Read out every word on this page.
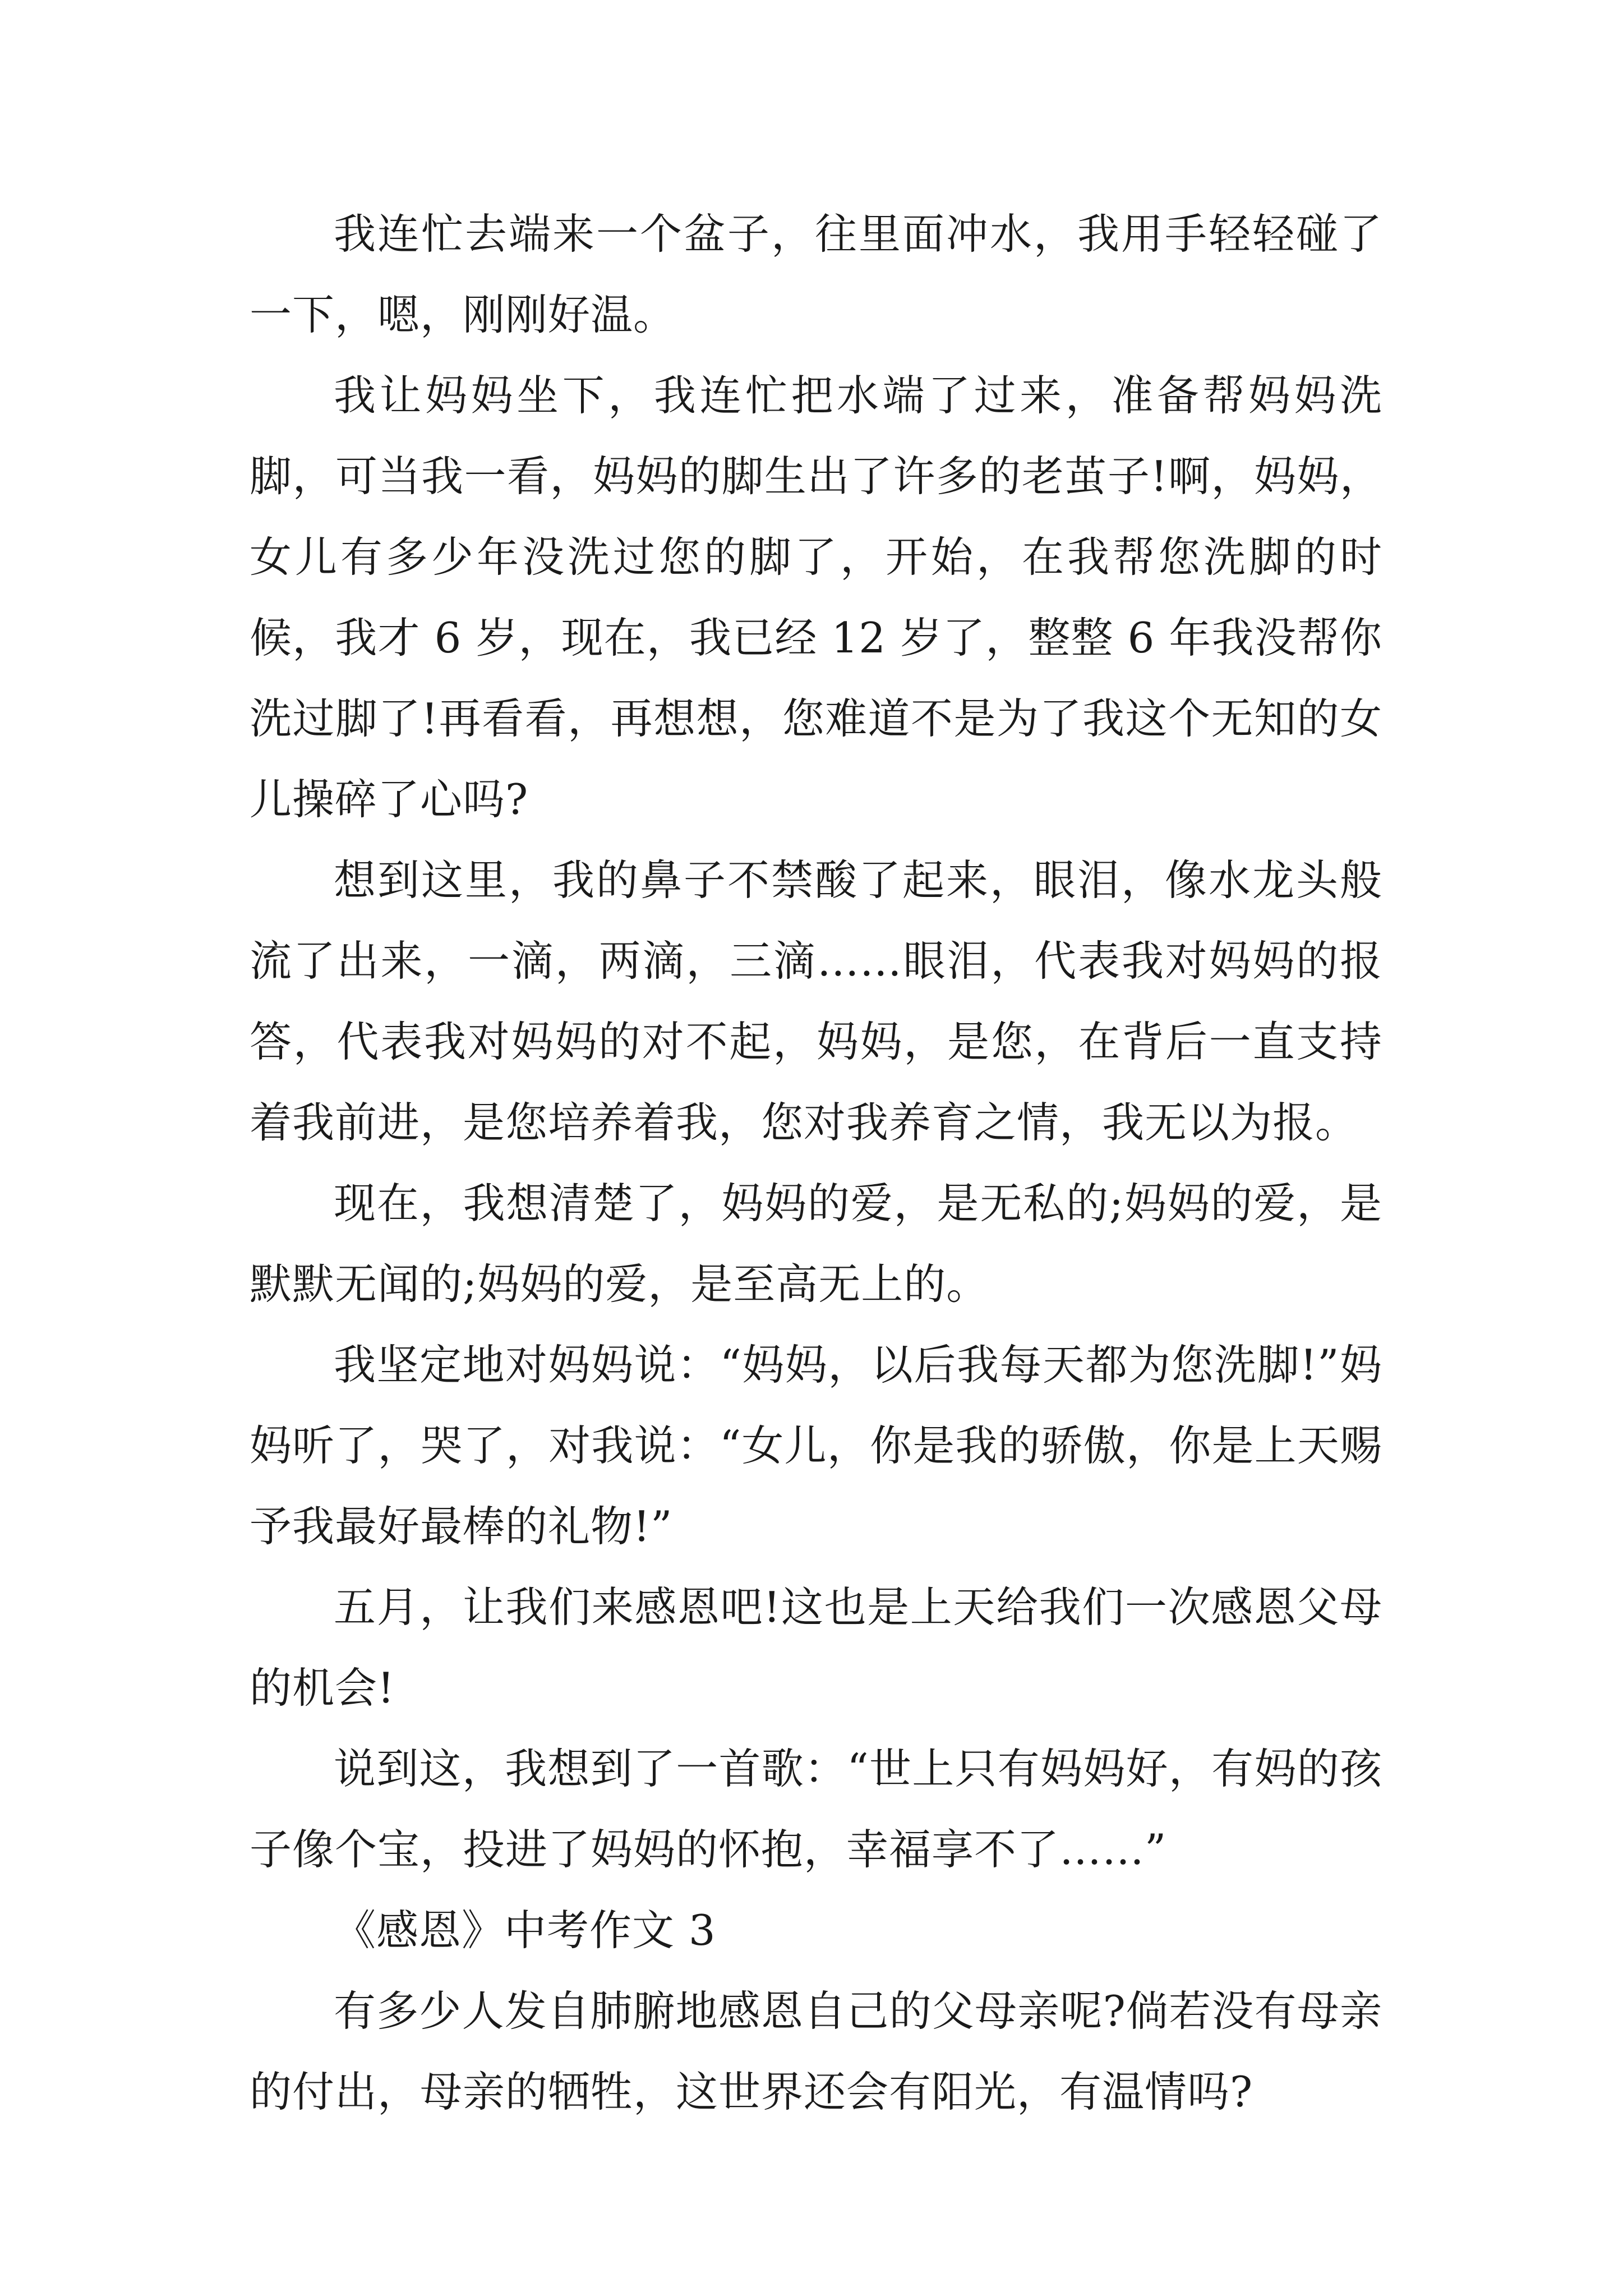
我连忙去端来一个盆子，往里面冲水，我用手轻轻碰了一下，嗯，刚刚好温。

我让妈妈坐下，我连忙把水端了过来，准备帮妈妈洗脚，可当我一看，妈妈的脚生出了许多的老茧子!啊，妈妈，女儿有多少年没洗过您的脚了，开始，在我帮您洗脚的时候，我才 6 岁，现在，我已经 12 岁了，整整 6 年我没帮你洗过脚了!再看看，再想想，您难道不是为了我这个无知的女儿操碎了心吗?

想到这里，我的鼻子不禁酸了起来，眼泪，像水龙头般流了出来，一滴，两滴，三滴……眼泪，代表我对妈妈的报答，代表我对妈妈的对不起，妈妈，是您，在背后一直支持着我前进，是您培养着我，您对我养育之情，我无以为报。

现在，我想清楚了，妈妈的爱，是无私的;妈妈的爱，是默默无闻的;妈妈的爱，是至高无上的。

我坚定地对妈妈说：“妈妈，以后我每天都为您洗脚!”妈妈听了，哭了，对我说：“女儿，你是我的骄傲，你是上天赐予我最好最棒的礼物!”

五月，让我们来感恩吧!这也是上天给我们一次感恩父母的机会!

说到这，我想到了一首歌：“世上只有妈妈好，有妈的孩子像个宝，投进了妈妈的怀抱，幸福享不了……”

《感恩》中考作文 3

有多少人发自肺腑地感恩自己的父母亲呢?倘若没有母亲的付出，母亲的牺牲，这世界还会有阳光，有温情吗?
